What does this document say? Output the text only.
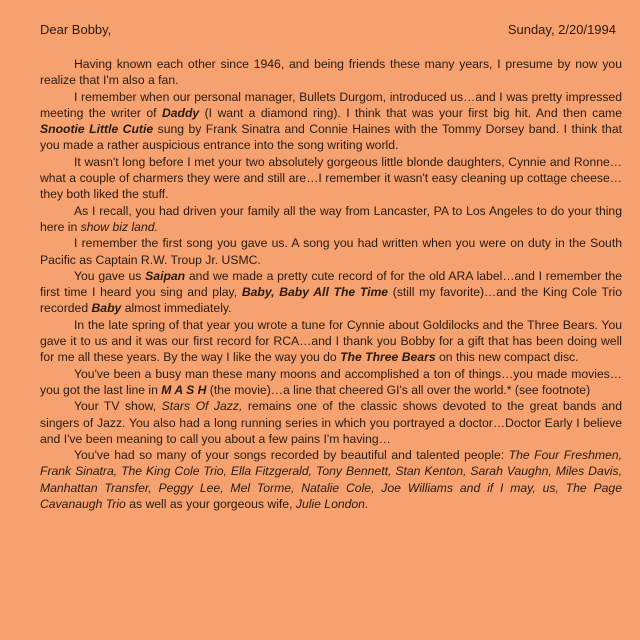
Dear Bobby,	Sunday, 2/20/1994

Having known each other since 1946, and being friends these many years, I presume by now you realize that I'm also a fan.

I remember when our personal manager, Bullets Durgom, introduced us…and I was pretty impressed meeting the writer of Daddy (I want a diamond ring). I think that was your first big hit. And then came Snootie Little Cutie sung by Frank Sinatra and Connie Haines with the Tommy Dorsey band. I think that you made a rather auspicious entrance into the song writing world.

It wasn't long before I met your two absolutely gorgeous little blonde daughters, Cynnie and Ronne…what a couple of charmers they were and still are…I remember it wasn't easy cleaning up cottage cheese…they both liked the stuff.

As I recall, you had driven your family all the way from Lancaster, PA to Los Angeles to do your thing here in show biz land.

I remember the first song you gave us. A song you had written when you were on duty in the South Pacific as Captain R.W. Troup Jr. USMC.

You gave us Saipan and we made a pretty cute record of for the old ARA label…and I remember the first time I heard you sing and play, Baby, Baby All The Time (still my favorite)…and the King Cole Trio recorded Baby almost immediately.

In the late spring of that year you wrote a tune for Cynnie about Goldilocks and the Three Bears. You gave it to us and it was our first record for RCA…and I thank you Bobby for a gift that has been doing well for me all these years. By the way I like the way you do The Three Bears on this new compact disc.

You've been a busy man these many moons and accomplished a ton of things…you made movies…you got the last line in M A S H (the movie)…a line that cheered GI's all over the world.* (see footnote)

Your TV show, Stars Of Jazz, remains one of the classic shows devoted to the great bands and singers of Jazz. You also had a long running series in which you portrayed a doctor…Doctor Early I believe and I've been meaning to call you about a few pains I'm having…

You've had so many of your songs recorded by beautiful and talented people: The Four Freshmen, Frank Sinatra, The King Cole Trio, Ella Fitzgerald, Tony Bennett, Stan Kenton, Sarah Vaughn, Miles Davis, Manhattan Transfer, Peggy Lee, Mel Torme, Natalie Cole, Joe Williams and if I may, us, The Page Cavanaugh Trio as well as your gorgeous wife, Julie London.
